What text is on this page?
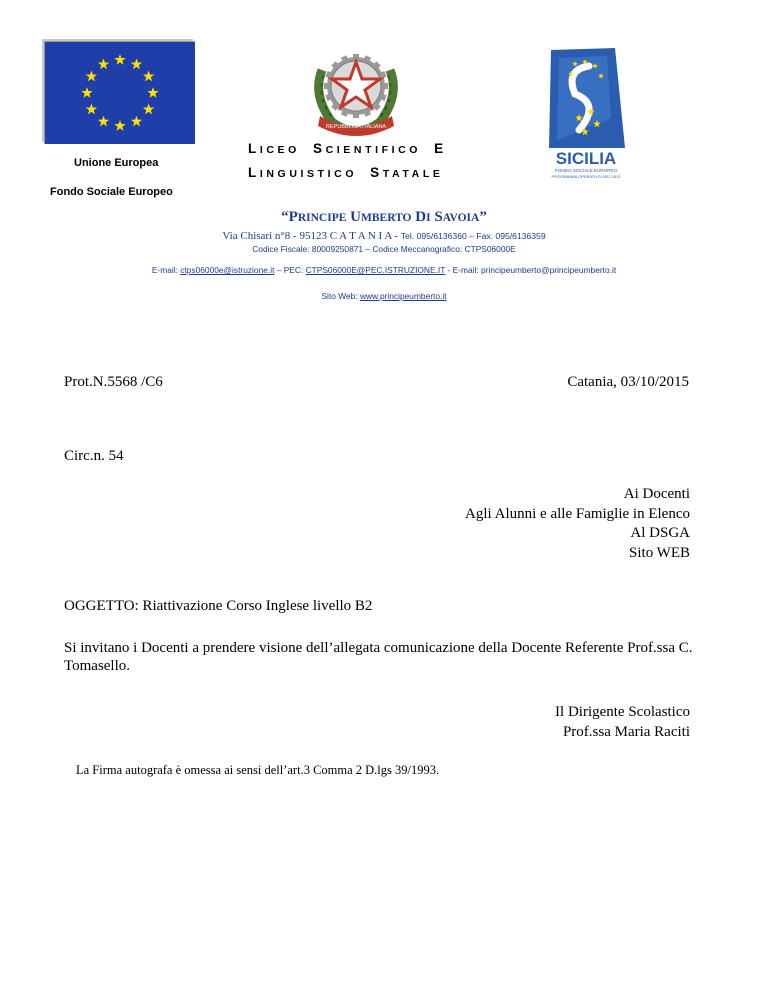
Unione Europea
Fondo Sociale Europeo
REPUBBLICA ITALIANA
LICEO  SCIENTIFICO  E
LINGUISTICO  STATALE
SICILIA
FONDO SOCIALE EUROPEO
PROGRAMMA OPERATIVO 2007-2013
“PRINCIPE UMBERTO DI SAVOIA”
Via Chisari n°8 - 95123 C A T A N I A - Tel. 095/6136360 – Fax. 095/6136359
Codice Fiscale: 80009250871 – Codice Meccanografico: CTPS06000E
E-mail: ctps06000e@istruzione.it – PEC: CTPS06000E@PEC.ISTRUZIONE.IT - E-mail: principeumberto@principeumberto.it
Sito Web: www.principeumberto.it
Prot.N.5568 /C6	Catania, 03/10/2015
Circ.n. 54
Ai Docenti
Agli Alunni e alle Famiglie in Elenco
Al DSGA
Sito WEB
OGGETTO: Riattivazione Corso Inglese livello B2
Si invitano i Docenti a prendere visione dell’allegata comunicazione della Docente Referente Prof.ssa C.
Tomasello.
Il Dirigente Scolastico
Prof.ssa Maria Raciti
La Firma autografa è omessa ai sensi dell’art.3 Comma 2 D.lgs 39/1993.
